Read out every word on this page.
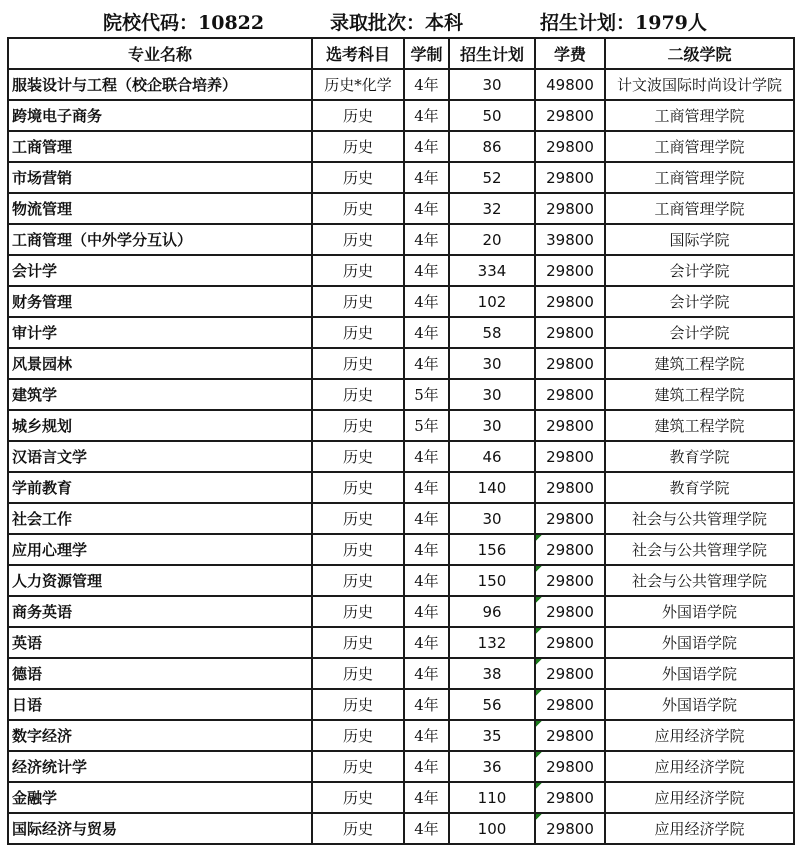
院校代码：10822	录取批次：本科	招生计划：1979人
专业名称	选考科目	学制	招生计划	学费	二级学院
服装设计与工程（校企联合培养）	历史*化学	4年	30	49800	计文波国际时尚设计学院
跨境电子商务	历史	4年	50	29800	工商管理学院
工商管理	历史	4年	86	29800	工商管理学院
市场营销	历史	4年	52	29800	工商管理学院
物流管理	历史	4年	32	29800	工商管理学院
工商管理（中外学分互认）	历史	4年	20	39800	国际学院
会计学	历史	4年	334	29800	会计学院
财务管理	历史	4年	102	29800	会计学院
审计学	历史	4年	58	29800	会计学院
风景园林	历史	4年	30	29800	建筑工程学院
建筑学	历史	5年	30	29800	建筑工程学院
城乡规划	历史	5年	30	29800	建筑工程学院
汉语言文学	历史	4年	46	29800	教育学院
学前教育	历史	4年	140	29800	教育学院
社会工作	历史	4年	30	29800	社会与公共管理学院
应用心理学	历史	4年	156	29800	社会与公共管理学院
人力资源管理	历史	4年	150	29800	社会与公共管理学院
商务英语	历史	4年	96	29800	外国语学院
英语	历史	4年	132	29800	外国语学院
德语	历史	4年	38	29800	外国语学院
日语	历史	4年	56	29800	外国语学院
数字经济	历史	4年	35	29800	应用经济学院
经济统计学	历史	4年	36	29800	应用经济学院
金融学	历史	4年	110	29800	应用经济学院
国际经济与贸易	历史	4年	100	29800	应用经济学院
